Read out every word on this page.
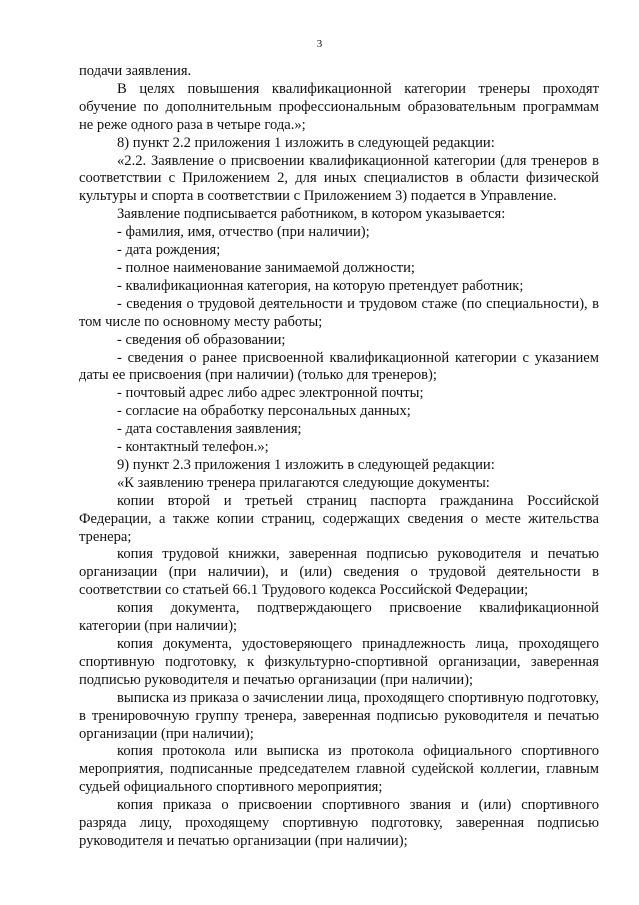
3

подачи заявления.

В целях повышения квалификационной категории тренеры проходят обучение по дополнительным профессиональным образовательным программам не реже одного раза в четыре года.»;

8) пункт 2.2 приложения 1 изложить в следующей редакции:

«2.2. Заявление о присвоении квалификационной категории (для тренеров в соответствии с Приложением 2, для иных специалистов в области физической культуры и спорта в соответствии с Приложением 3) подается в Управление.

Заявление подписывается работником, в котором указывается:

- фамилия, имя, отчество (при наличии);

- дата рождения;

- полное наименование занимаемой должности;

- квалификационная категория, на которую претендует работник;

- сведения о трудовой деятельности и трудовом стаже (по специальности), в том числе по основному месту работы;

- сведения об образовании;

- сведения о ранее присвоенной квалификационной категории с указанием даты ее присвоения (при наличии) (только для тренеров);

- почтовый адрес либо адрес электронной почты;

- согласие на обработку персональных данных;

- дата составления заявления;

- контактный телефон.»;

9) пункт 2.3 приложения 1 изложить в следующей редакции:

«К заявлению тренера прилагаются следующие документы:

копии второй и третьей страниц паспорта гражданина Российской Федерации, а также копии страниц, содержащих сведения о месте жительства тренера;

копия трудовой книжки, заверенная подписью руководителя и печатью организации (при наличии), и (или) сведения о трудовой деятельности в соответствии со статьей 66.1 Трудового кодекса Российской Федерации;

копия документа, подтверждающего присвоение квалификационной категории (при наличии);

копия документа, удостоверяющего принадлежность лица, проходящего спортивную подготовку, к физкультурно-спортивной организации, заверенная подписью руководителя и печатью организации (при наличии);

выписка из приказа о зачислении лица, проходящего спортивную подготовку, в тренировочную группу тренера, заверенная подписью руководителя и печатью организации (при наличии);

копия протокола или выписка из протокола официального спортивного мероприятия, подписанные председателем главной судейской коллегии, главным судьей официального спортивного мероприятия;

копия приказа о присвоении спортивного звания и (или) спортивного разряда лицу, проходящему спортивную подготовку, заверенная подписью руководителя и печатью организации (при наличии);
